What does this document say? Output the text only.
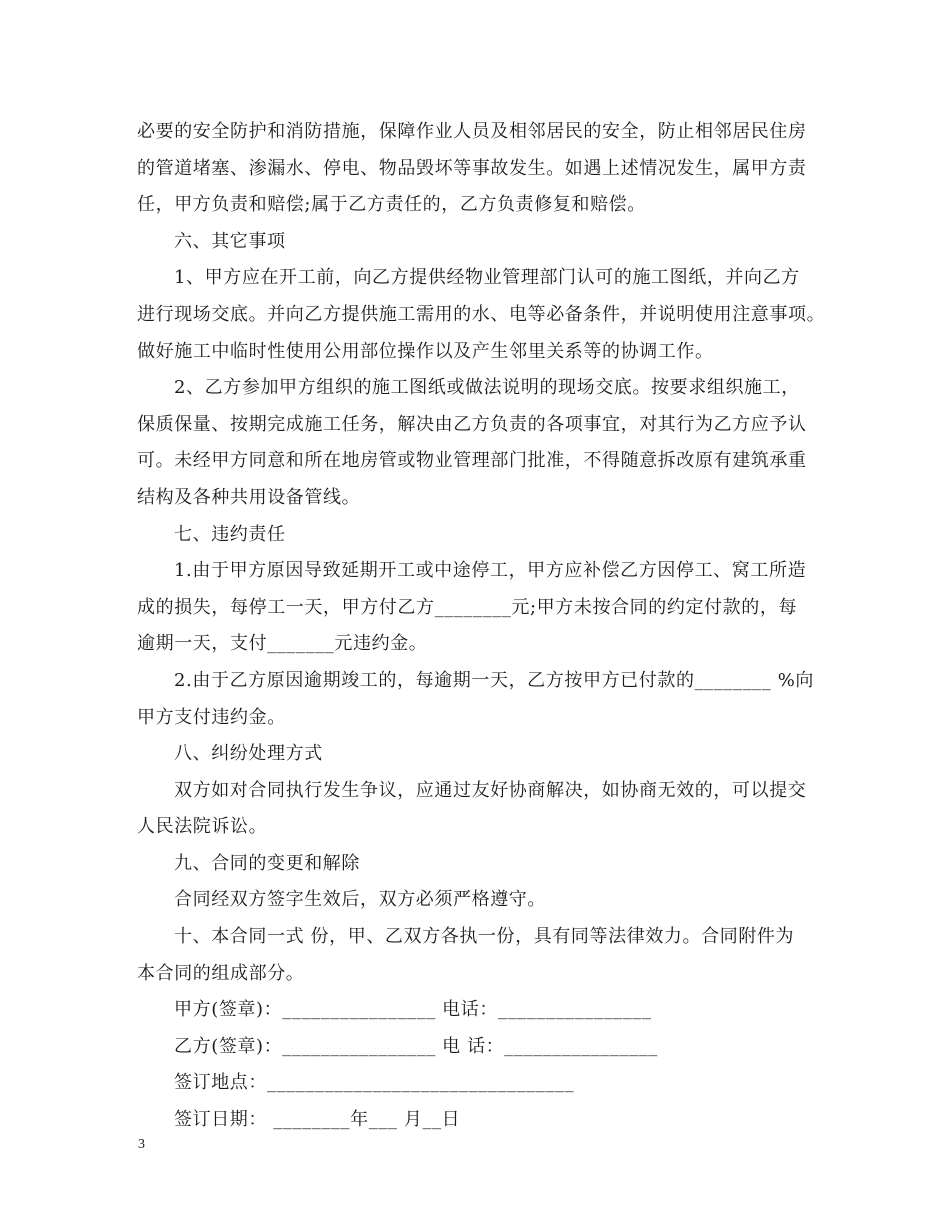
必要的安全防护和消防措施，保障作业人员及相邻居民的安全，防止相邻居民住房
的管道堵塞、渗漏水、停电、物品毁坏等事故发生。如遇上述情况发生，属甲方责
任，甲方负责和赔偿;属于乙方责任的，乙方负责修复和赔偿。
六、其它事项
1、甲方应在开工前，向乙方提供经物业管理部门认可的施工图纸，并向乙方
进行现场交底。并向乙方提供施工需用的水、电等必备条件，并说明使用注意事项。
做好施工中临时性使用公用部位操作以及产生邻里关系等的协调工作。
2、乙方参加甲方组织的施工图纸或做法说明的现场交底。按要求组织施工，
保质保量、按期完成施工任务，解决由乙方负责的各项事宜，对其行为乙方应予认
可。未经甲方同意和所在地房管或物业管理部门批准，不得随意拆改原有建筑承重
结构及各种共用设备管线。
七、违约责任
1.由于甲方原因导致延期开工或中途停工，甲方应补偿乙方因停工、窝工所造
成的损失，每停工一天，甲方付乙方________元;甲方未按合同的约定付款的，每
逾期一天，支付_______元违约金。
2.由于乙方原因逾期竣工的，每逾期一天，乙方按甲方已付款的________ %向
甲方支付违约金。
八、纠纷处理方式
双方如对合同执行发生争议，应通过友好协商解决，如协商无效的，可以提交
人民法院诉讼。
九、合同的变更和解除
合同经双方签字生效后，双方必须严格遵守。
十、本合同一式 份，甲、乙双方各执一份，具有同等法律效力。合同附件为
本合同的组成部分。
甲方(签章)：________________ 电话：________________
乙方(签章)：________________ 电 话：________________
签订地点：________________________________
签订日期： ________年___ 月__日
3
